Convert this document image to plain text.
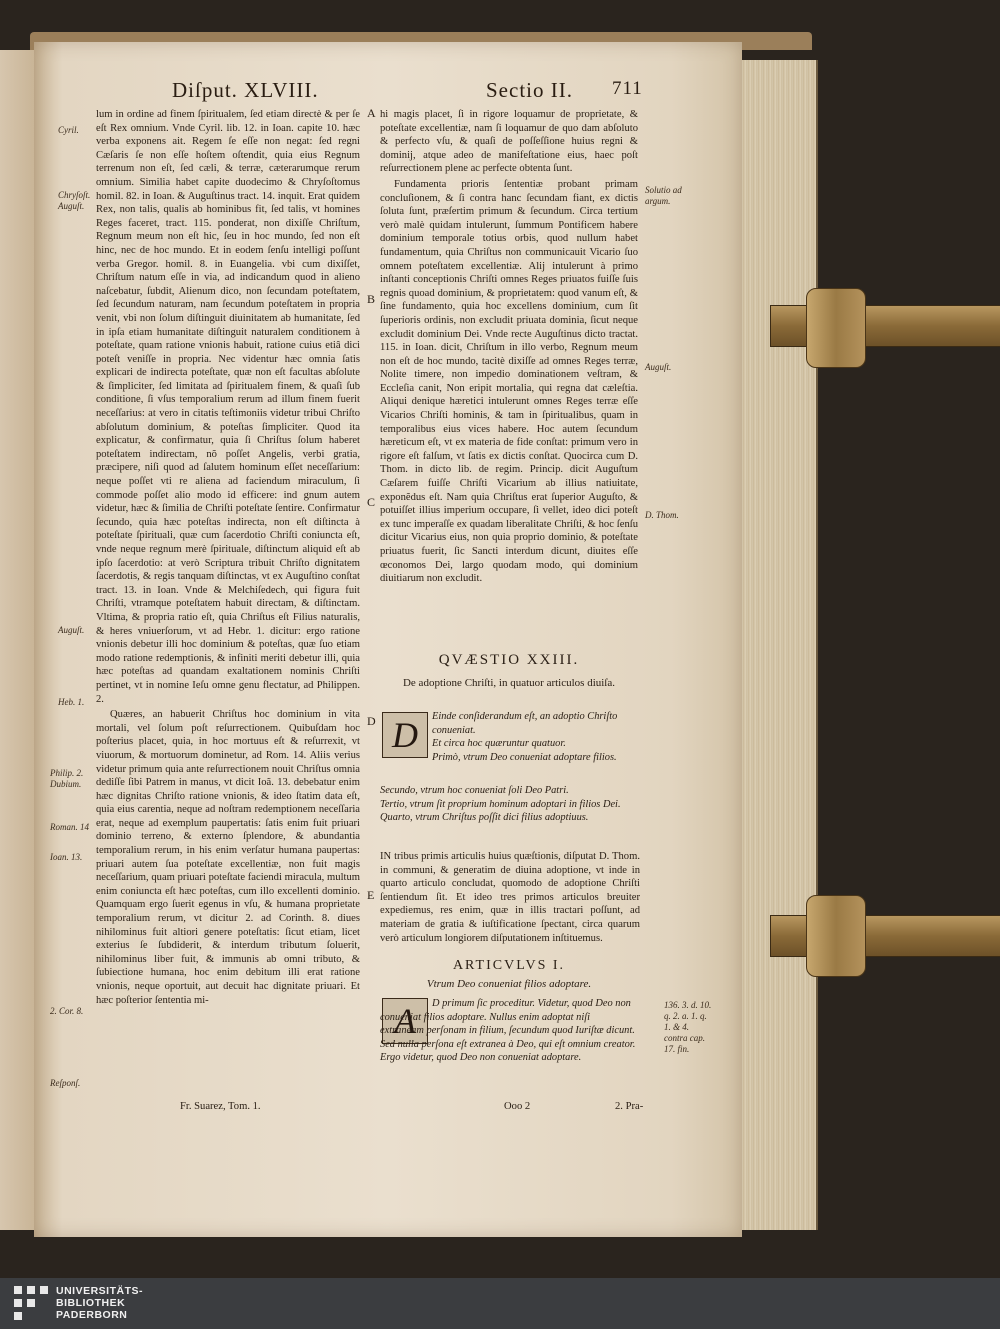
Diſput. XLVIII.	Sectio II. 711
Cyril.
Chryſoſt. Auguſt.
Auguſt.
Heb. 1.
Philip. 2. Dubium.
Roman. 14
Ioan. 13.
2. Cor. 8.
Reſponſ.

lum in ordine ad finem ſpiritualem, ſed etiam directè & per ſe eſt Rex omnium. Vnde Cyril. lib. 12. in Ioan. capite 10. hæc verba exponens ait. Regem ſe eſſe non negat: ſed regni Cæſaris ſe non eſſe hoſtem oſtendit, quia eius Regnum terrenum non eſt, ſed cæli, & terræ, cæterarumque rerum omnium. Similia habet capite duodecimo & Chryſoſtomus homil. 82. in Ioan. & Auguſtinus tract. 14. inquit. Erat quidem Rex, non talis, qualis ab hominibus fit, ſed talis, vt homines Reges faceret, tract. 115. ponderat, non dixiſſe Chriſtum, Regnum meum non eſt hic, ſeu in hoc mundo, ſed non eſt hinc, nec de hoc mundo. Et in eodem ſenſu intelligi poſſunt verba Gregor. homil. 8. in Euangelia. vbi cum dixiſſet, Chriſtum natum eſſe in via, ad indicandum quod in alieno naſcebatur, ſubdit, Alienum dico, non ſecundam poteſtatem, ſed ſecundum naturam, nam ſecundum poteſtatem in propria venit, vbi non ſolum diſtinguit diuinitatem ab humanitate, ſed in ipſa etiam humanitate diſtinguit naturalem conditionem à poteſtate, quam ratione vnionis habuit, ratione cuius etiâ dici poteſt veniſſe in propria. Nec videntur hæc omnia ſatis explicari de indirecta poteſtate, quæ non eſt facultas abſolute & ſimpliciter, ſed limitata ad ſpiritualem finem, & quaſi ſub conditione, ſi vſus temporalium rerum ad illum finem fuerit neceſſarius: at vero in citatis teſtimoniis videtur tribui Chriſto abſolutum dominium, & poteſtas ſimpliciter. Quod ita explicatur, & confirmatur, quia ſi Chriſtus ſolum haberet poteſtatem indirectam, nõ poſſet Angelis, verbi gratia, præcipere, niſi quod ad ſalutem hominum eſſet neceſſarium: neque poſſet vti re aliena ad faciendum miraculum, ſi commode poſſet alio modo id efficere: ind gnum autem videtur, hæc & ſimilia de Chriſti poteſtate ſentire. Confirmatur ſecundo, quia hæc poteſtas indirecta, non eſt diſtincta à poteſtate ſpirituali, quæ cum ſacerdotio Chriſti coniuncta eſt, vnde neque regnum merè ſpirituale, diſtinctum aliquid eſt ab ipſo ſacerdotio: at verò Scriptura tribuit Chriſto dignitatem ſacerdotis, & regis tanquam diſtinctas, vt ex Auguſtino conſtat tract. 13. in Ioan. Vnde & Melchiſedech, qui figura fuit Chriſti, vtramque poteſtatem habuit directam, & diſtinctam. Vltima, & propria ratio eſt, quia Chriſtus eſt Filius naturalis, & heres vniuerſorum, vt ad Hebr. 1. dicitur: ergo ratione vnionis debetur illi hoc dominium & poteſtas, quæ ſuo etiam modo ratione redemptionis, & infiniti meriti debetur illi, quia hæc poteſtas ad quandam exaltationem nominis Chriſti pertinet, vt in nomine Ieſu omne genu flectatur, ad Philippen. 2.

Quæres, an habuerit Chriſtus hoc dominium in vita mortali, vel ſolum poſt reſurrectionem. Quibuſdam hoc poſterius placet, quia, in hoc mortuus eſt & reſurrexit, vt viuorum, & mortuorum dominetur, ad Rom. 14. Aliis verius videtur primum quia ante reſurrectionem nouit Chriſtus omnia dediſſe ſibi Patrem in manus, vt dicit Ioã. 13. debebatur enim hæc dignitas Chriſto ratione vnionis, & ideo ſtatim data eſt, quia eius carentia, neque ad noſtram redemptionem neceſſaria erat, neque ad exemplum paupertatis: ſatis enim fuit priuari dominio terreno, & externo ſplendore, & abundantia temporalium rerum, in his enim verſatur humana paupertas: priuari autem ſua poteſtate excellentiæ, non fuit magis neceſſarium, quam priuari poteſtate faciendi miracula, multum enim coniuncta eſt hæc poteſtas, cum illo excellenti dominio. Quamquam ergo ſuerit egenus in vſu, & humana proprietate temporalium rerum, vt dicitur 2. ad Corinth. 8. diues nihilominus fuit altiori genere poteſtatis: ſicut etiam, licet exterius ſe ſubdiderit, & interdum tributum ſoluerit, nihilominus liber fuit, & immunis ab omni tributo, & ſubiectione humana, hoc enim debitum illi erat ratione vnionis, neque oportuit, aut decuit hac dignitate priuari. Et hæc poſterior ſententia mi-

Fr. Suarez, Tom. 1.
A
B
C
D
E

hi magis placet, ſi in rigore loquamur de proprietate, & poteſtate excellentiæ, nam ſi loquamur de quo dam abſoluto & perfecto vſu, & quaſi de poſſeſſione huius regni & dominij, atque adeo de manifeſtatione eius, haec poſt reſurrectionem plene ac perfecte obtenta ſunt.

Fundamenta prioris ſententiæ probant primam concluſionem, & ſi contra hanc ſecundam fiant, ex dictis ſoluta ſunt, præſertim primum & ſecundum. Circa tertium verò malè quidam intulerunt, ſummum Pontificem habere dominium temporale totius orbis, quod nullum habet fundamentum, quia Chriſtus non communicauit Vicario ſuo omnem poteſtatem excellentiæ. Alij intulerunt à primo inſtanti conceptionis Chriſti omnes Reges priuatos fuiſſe ſuis regnis quoad dominium, & proprietatem: quod vanum eſt, & ſine fundamento, quia hoc excellens dominium, cum ſit ſuperioris ordinis, non excludit priuata dominia, ſicut neque excludit dominium Dei. Vnde recte Auguſtinus dicto tractat. 115. in Ioan. dicit, Chriſtum in illo verbo, Regnum meum non eſt de hoc mundo, tacitè dixiſſe ad omnes Reges terræ, Nolite timere, non impedio dominationem veſtram, & Eccleſia canit, Non eripit mortalia, qui regna dat cæleſtia. Aliqui denique hæretici intulerunt omnes Reges terræ eſſe Vicarios Chriſti hominis, & tam in ſpiritualibus, quam in temporalibus eius vices habere. Hoc autem ſecundum hæreticum eſt, vt ex materia de fide conſtat: primum vero in rigore eſt falſum, vt ſatis ex dictis conſtat. Quocirca cum D. Thom. in dicto lib. de regim. Princip. dicit Auguſtum Cæſarem fuiſſe Chriſti Vicarium ab illius natiuitate, exponẽdus eſt. Nam quia Chriſtus erat ſuperior Auguſto, & potuiſſet illius imperium occupare, ſi vellet, ideo dici poteſt ex tunc imperaſſe ex quadam liberalitate Chriſti, & hoc ſenſu dicitur Vicarius eius, non quia proprio dominio, & poteſtate priuatus fuerit, ſic Sancti interdum dicunt, diuites eſſe œconomos Dei, largo quodam modo, qui dominium diuitiarum non excludit.

Solutio ad argum.
Auguſt.
D. Thom.
QVÆSTIO XXIII.
De adoptione Chriſti, in quatuor articulos diuiſa.
D	Einde conſiderandum eſt, an adoptio Chriſto conueniat.
Et circa hoc quæruntur quatuor.
Primò, vtrum Deo conueniat adoptare filios.
Secundo, vtrum hoc conueniat ſoli Deo Patri.
Tertio, vtrum ſit proprium hominum adoptari in filios Dei.
Quarto, vtrum Chriſtus poſſit dici filius adoptiuus.
IN tribus primis articulis huius quæſtionis, diſputat D. Thom. in communi, & generatim de diuina adoptione, vt inde in quarto articulo concludat, quomodo de adoptione Chriſti ſentiendum ſit. Et ideo tres primos articulos breuiter expediemus, res enim, quæ in illis tractari poſſunt, ad materiam de gratia & iuſtificatione ſpectant, circa quarum verò articulum longiorem diſputationem inſtituemus.
ARTICVLVS I.
Vtrum Deo conueniat filios adoptare.
A	D primum ſic proceditur. Videtur, quod Deo non conueniat filios adoptare. Nullus enim adoptat niſi extraneam perſonam in filium, ſecundum quod Iuriſtæ dicunt. Sed nulla perſona eſt extranea à Deo, qui eſt omnium creator. Ergo videtur, quod Deo non conueniat adoptare.
136. 3. d. 10. q. 2. a. 1. q. 1. & 4. contra cap. 17. fin.
Ooo 2	2. Pra-
UNIVERSITÄTS-
BIBLIOTHEK
PADERBORN
